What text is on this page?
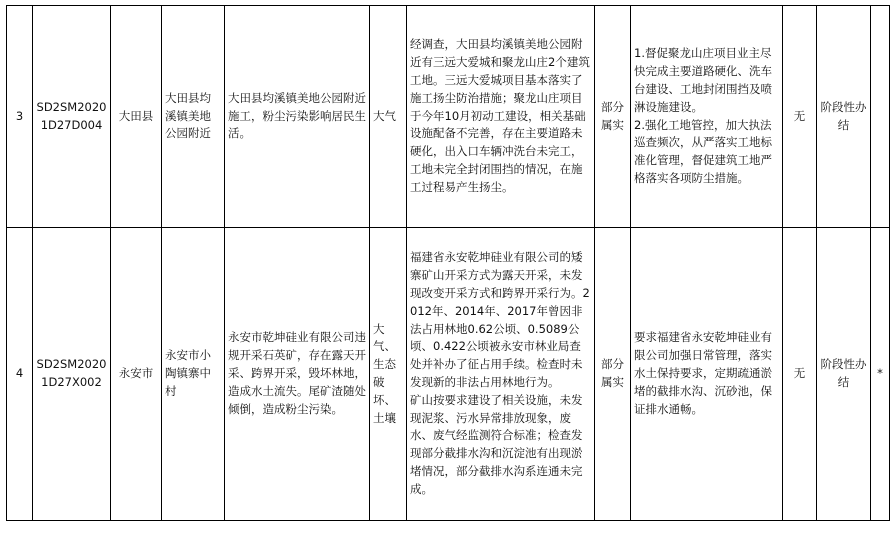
3	SD2SM20201D27D004	大田县	大田县均溪镇美地公园附近	大田县均溪镇美地公园附近施工，粉尘污染影响居民生活。	大气	经调查，大田县均溪镇美地公园附近有三远大爱城和聚龙山庄2个建筑工地。三远大爱城项目基本落实了施工扬尘防治措施；聚龙山庄项目于今年10月初动工建设，相关基础设施配备不完善，存在主要道路未硬化，出入口车辆冲洗台未完工，工地未完全封闭围挡的情况，在施工过程易产生扬尘。	部分属实	1.督促聚龙山庄项目业主尽快完成主要道路硬化、洗车台建设、工地封闭围挡及喷淋设施建设。
2.强化工地管控，加大执法巡查频次，从严落实工地标准化管理，督促建筑工地严格落实各项防尘措施。	无	阶段性办结	
4	SD2SM20201D27X002	永安市	永安市小陶镇寨中村	永安市乾坤硅业有限公司违规开采石英矿，存在露天开采、跨界开采，毁坏林地，造成水土流失。尾矿渣随处倾倒，造成粉尘污染。	大气、生态破坏、土壤	福建省永安乾坤硅业有限公司的矮寨矿山开采方式为露天开采，未发现改变开采方式和跨界开采行为。2012年、2014年、2017年曾因非法占用林地0.62公顷、0.5089公顷、0.422公顷被永安市林业局查处并补办了征占用手续。检查时未发现新的非法占用林地行为。
矿山按要求建设了相关设施，未发现泥浆、污水异常排放现象，废水、废气经监测符合标准；检查发现部分截排水沟和沉淀池有出现淤堵情况，部分截排水沟系连通未完成。	部分属实	要求福建省永安乾坤硅业有限公司加强日常管理，落实水土保持要求，定期疏通淤堵的截排水沟、沉砂池，保证排水通畅。	无	阶段性办结	*
